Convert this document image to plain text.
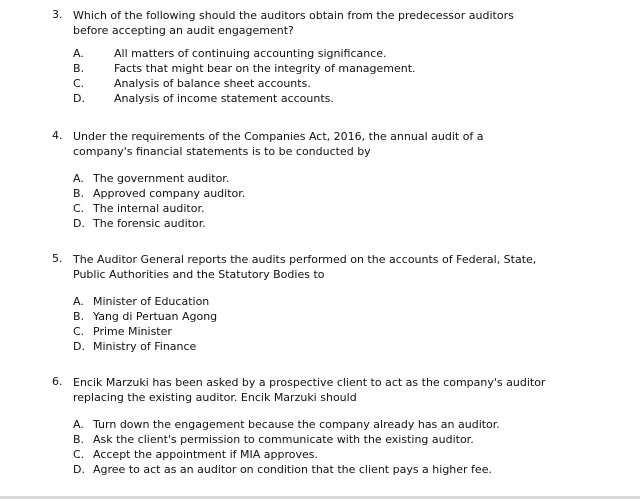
3. Which of the following should the auditors obtain from the predecessor auditors
before accepting an audit engagement?
A.	All matters of continuing accounting significance.
B.	Facts that might bear on the integrity of management.
C.	Analysis of balance sheet accounts.
D.	Analysis of income statement accounts.
4. Under the requirements of the Companies Act, 2016, the annual audit of a
company's financial statements is to be conducted by
A. The government auditor.
B. Approved company auditor.
C. The internal auditor.
D. The forensic auditor.
5. The Auditor General reports the audits performed on the accounts of Federal, State,
Public Authorities and the Statutory Bodies to
A. Minister of Education
B. Yang di Pertuan Agong
C. Prime Minister
D. Ministry of Finance
6. Encik Marzuki has been asked by a prospective client to act as the company's auditor
replacing the existing auditor. Encik Marzuki should
A. Turn down the engagement because the company already has an auditor.
B. Ask the client's permission to communicate with the existing auditor.
C. Accept the appointment if MIA approves.
D. Agree to act as an auditor on condition that the client pays a higher fee.
